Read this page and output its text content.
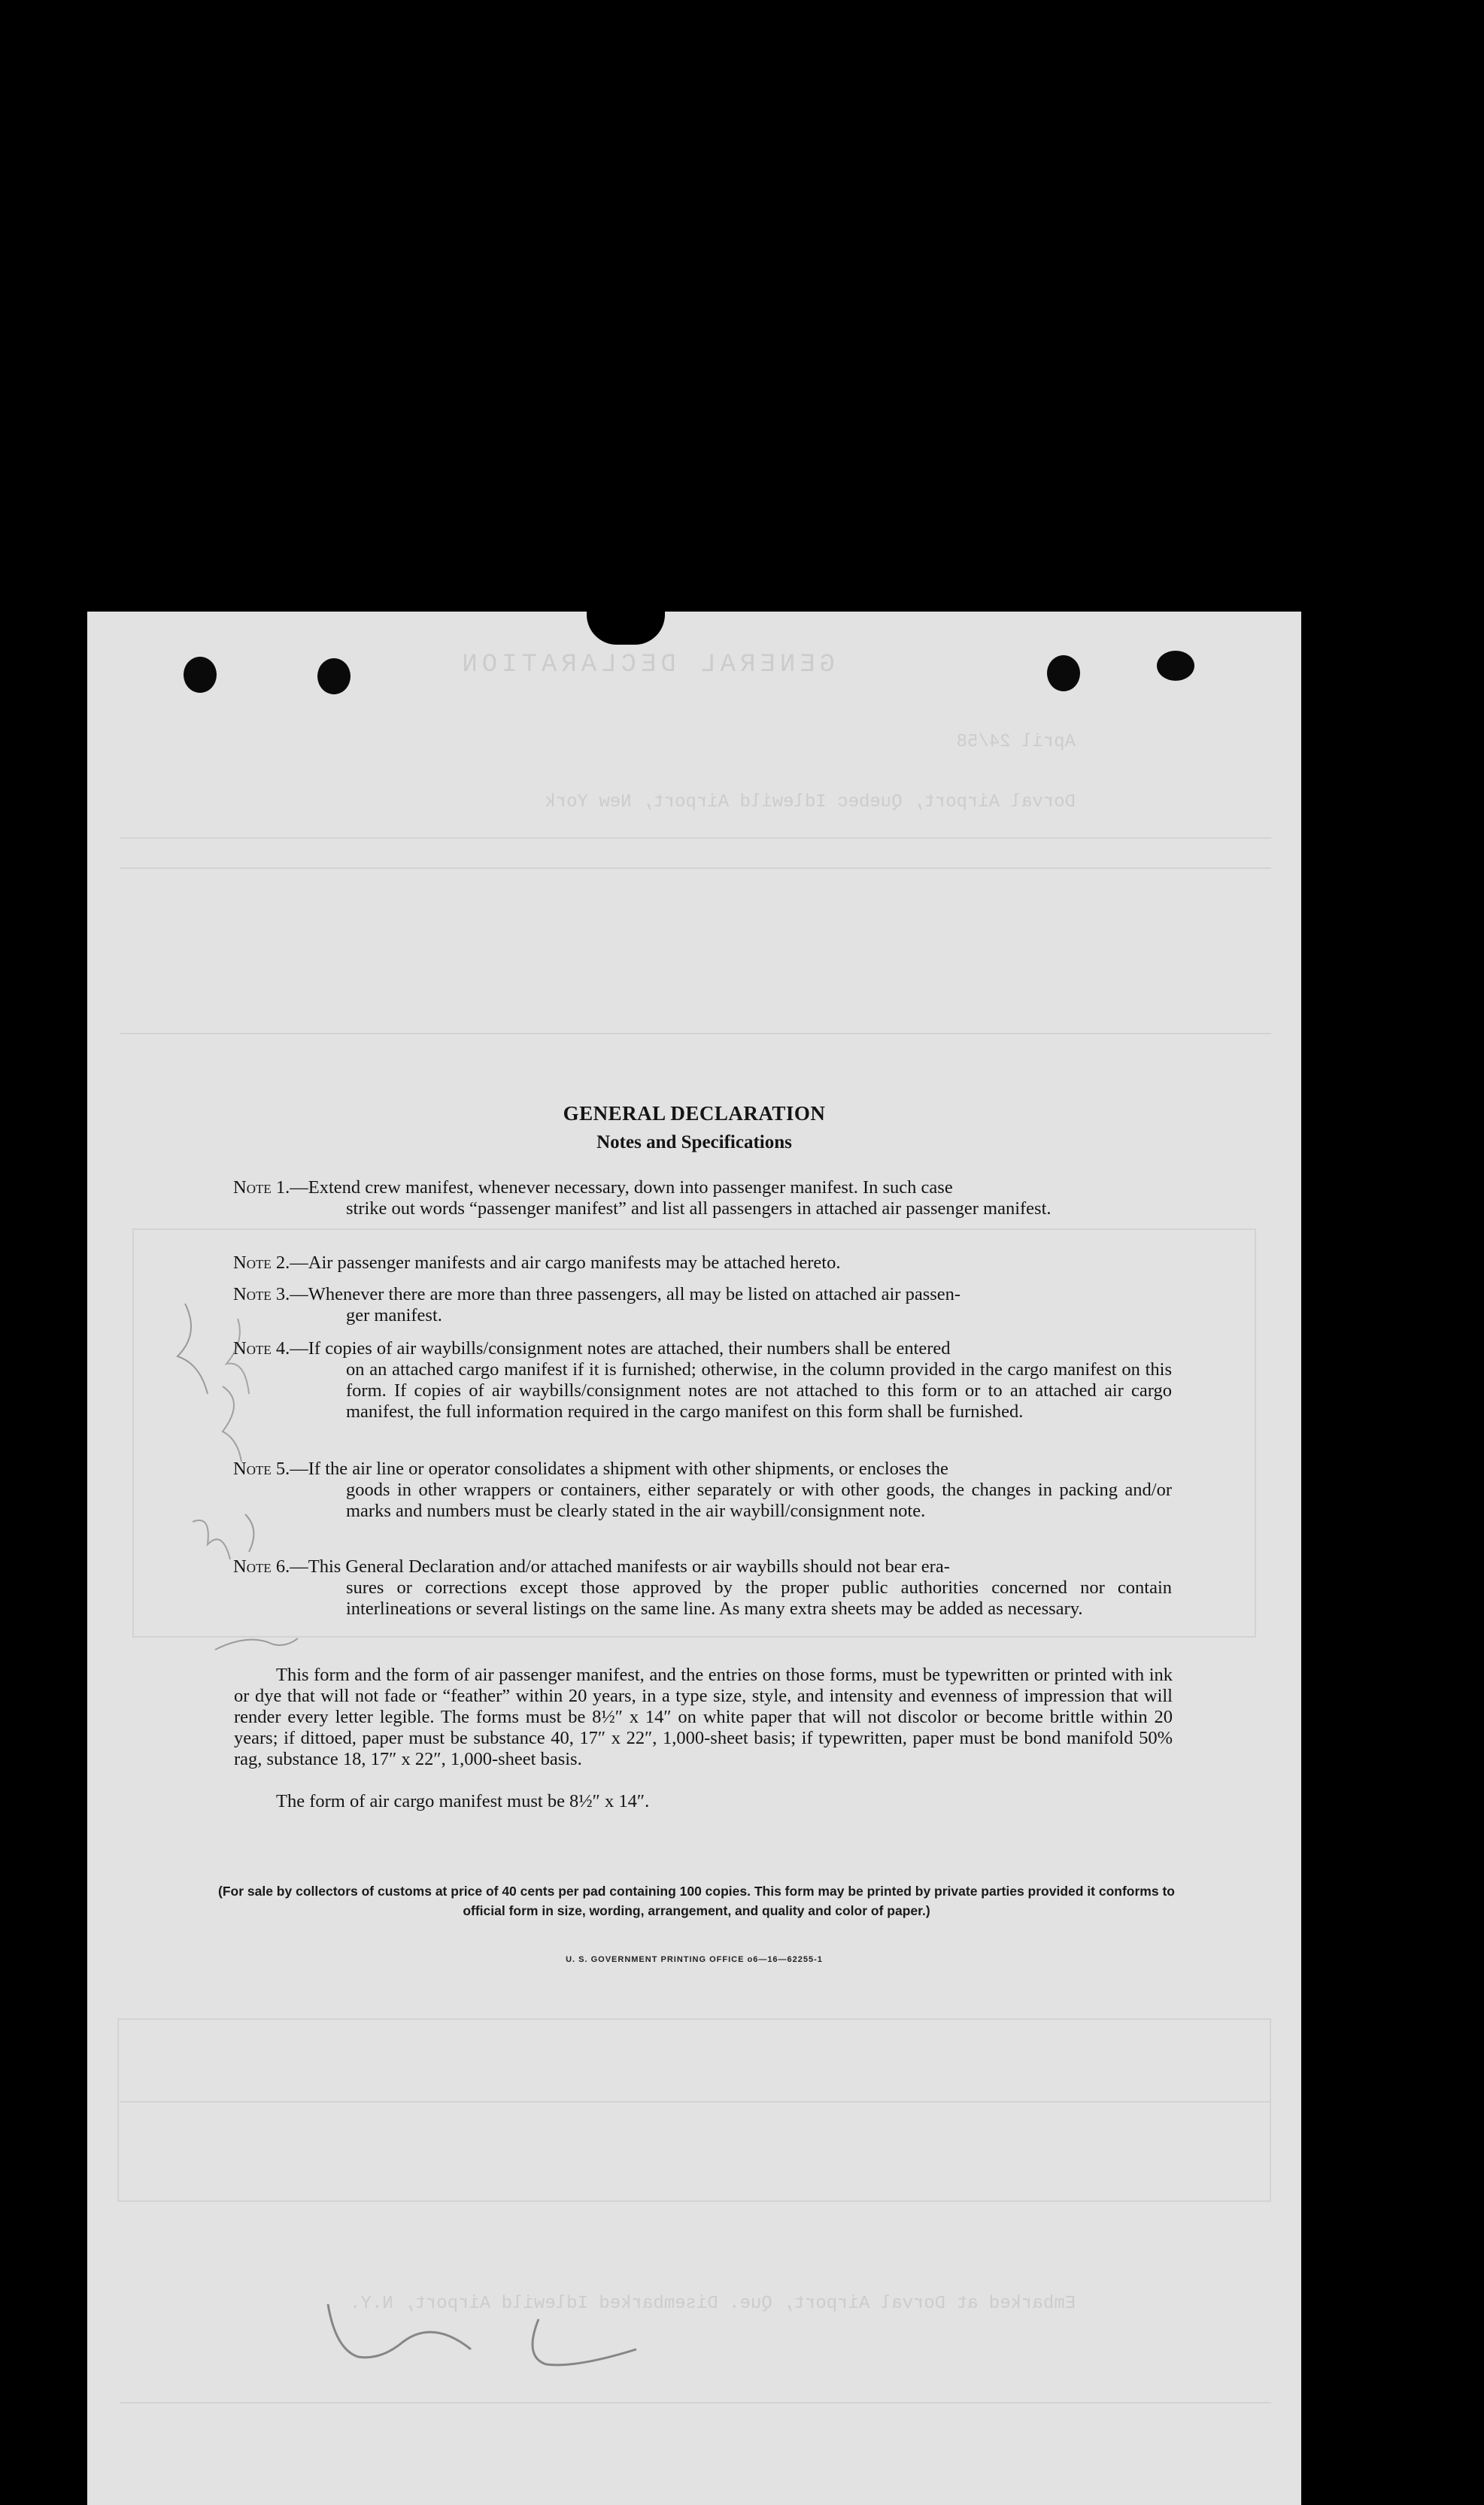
GENERAL DECLARATION
April 24/58
Dorval Airport, Quebec Idlewild Airport, New York
Embarked at Dorval Airport, Que. Disembarked Idlewild Airport, N.Y.
GENERAL DECLARATION
Notes and Specifications
Note 1.—Extend crew manifest, whenever necessary, down into passenger manifest. In such case
strike out words “passenger manifest” and list all passengers in attached air passenger manifest.
Note 2.—Air passenger manifests and air cargo manifests may be attached hereto.
Note 3.—Whenever there are more than three passengers, all may be listed on attached air passen-
ger manifest.
Note 4.—If copies of air waybills/consignment notes are attached, their numbers shall be entered
on an attached cargo manifest if it is furnished; otherwise, in the column provided in the cargo manifest on this form. If copies of air waybills/consignment notes are not attached to this form or to an attached air cargo manifest, the full information required in the cargo manifest on this form shall be furnished.
Note 5.—If the air line or operator consolidates a shipment with other shipments, or encloses the
goods in other wrappers or containers, either separately or with other goods, the changes in packing and/or marks and numbers must be clearly stated in the air waybill/consignment note.
Note 6.—This General Declaration and/or attached manifests or air waybills should not bear era-
sures or corrections except those approved by the proper public authorities concerned nor contain interlineations or several listings on the same line. As many extra sheets may be added as necessary.
This form and the form of air passenger manifest, and the entries on those forms, must be typewritten or printed with ink or dye that will not fade or “feather” within 20 years, in a type size, style, and intensity and evenness of impression that will render every letter legible. The forms must be 8½″ x 14″ on white paper that will not discolor or become brittle within 20 years; if dittoed, paper must be substance 40, 17″ x 22″, 1,000-sheet basis; if typewritten, paper must be bond manifold 50% rag, substance 18, 17″ x 22″, 1,000-sheet basis.
The form of air cargo manifest must be 8½″ x 14″.
(For sale by collectors of customs at price of 40 cents per pad containing 100 copies. This form may be printed by private parties provided it conforms to official form in size, wording, arrangement, and quality and color of paper.)
U. S. GOVERNMENT PRINTING OFFICE o6—16—62255-1
